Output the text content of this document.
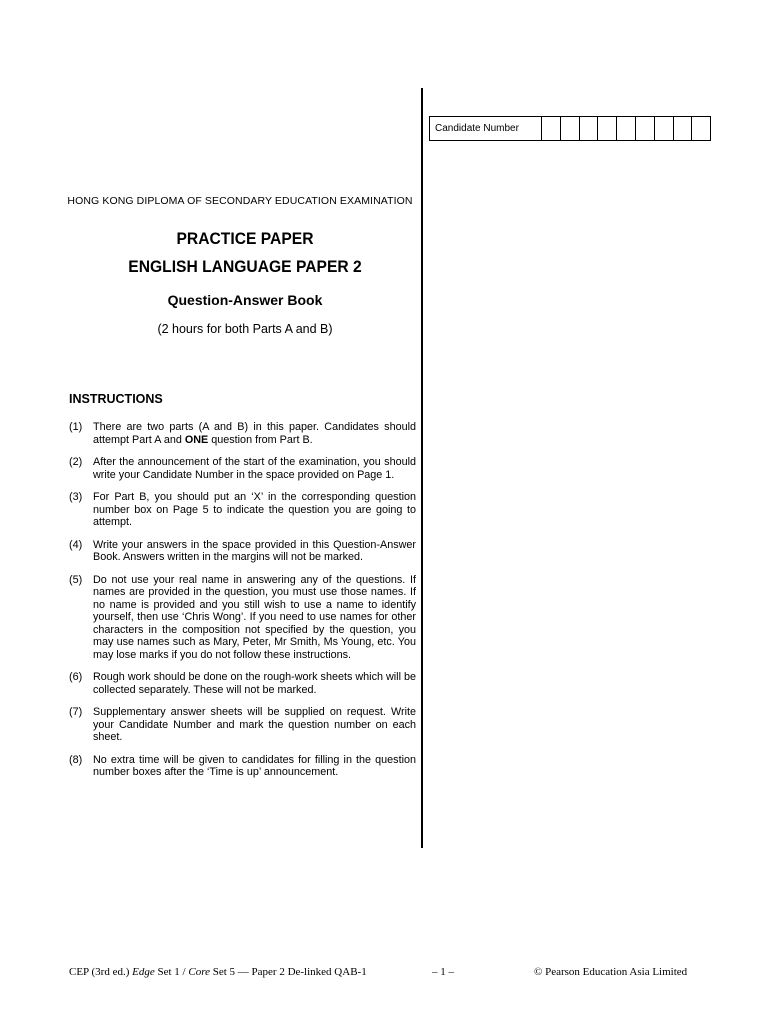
Candidate Number
HONG KONG DIPLOMA OF SECONDARY EDUCATION EXAMINATION
PRACTICE PAPER
ENGLISH LANGUAGE PAPER 2
Question-Answer Book
(2 hours for both Parts A and B)
INSTRUCTIONS
(1) There are two parts (A and B) in this paper. Candidates should attempt Part A and ONE question from Part B.
(2) After the announcement of the start of the examination, you should write your Candidate Number in the space provided on Page 1.
(3) For Part B, you should put an ‘X’ in the corresponding question number box on Page 5 to indicate the question you are going to attempt.
(4) Write your answers in the space provided in this Question-Answer Book. Answers written in the margins will not be marked.
(5) Do not use your real name in answering any of the questions. If names are provided in the question, you must use those names. If no name is provided and you still wish to use a name to identify yourself, then use ‘Chris Wong’. If you need to use names for other characters in the composition not specified by the question, you may use names such as Mary, Peter, Mr Smith, Ms Young, etc. You may lose marks if you do not follow these instructions.
(6) Rough work should be done on the rough-work sheets which will be collected separately. These will not be marked.
(7) Supplementary answer sheets will be supplied on request. Write your Candidate Number and mark the question number on each sheet.
(8) No extra time will be given to candidates for filling in the question number boxes after the ‘Time is up’ announcement.
CEP (3rd ed.) Edge Set 1 / Core Set 5 — Paper 2 De-linked QAB-1	– 1 –	© Pearson Education Asia Limited
